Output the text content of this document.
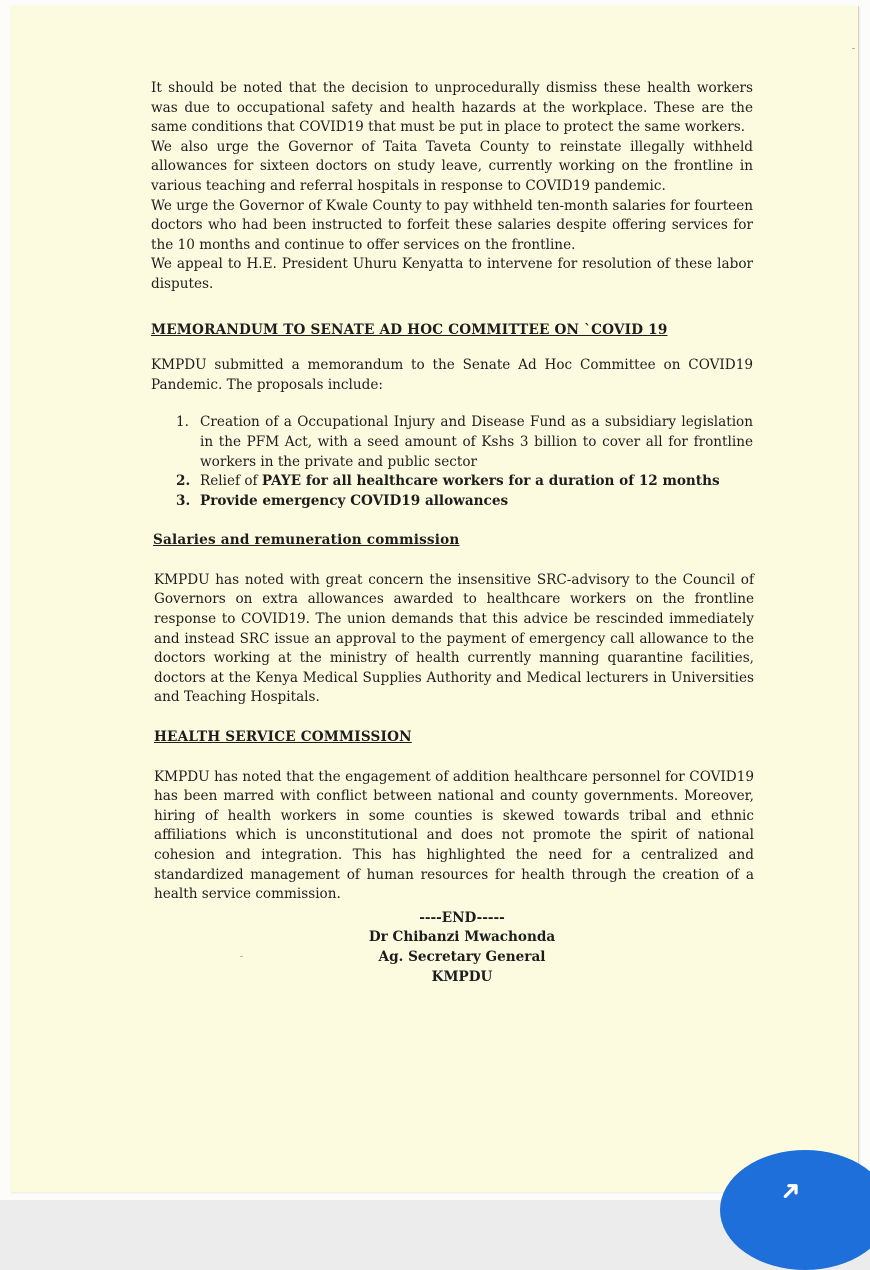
It should be noted that the decision to unprocedurally dismiss these health workers was due to occupational safety and health hazards at the workplace. These are the same conditions that COVID19 that must be put in place to protect the same workers.

We also urge the Governor of Taita Taveta County to reinstate illegally withheld allowances for sixteen doctors on study leave, currently working on the frontline in various teaching and referral hospitals in response to COVID19 pandemic.

We urge the Governor of Kwale County to pay withheld ten-month salaries for fourteen doctors who had been instructed to forfeit these salaries despite offering services for the 10 months and continue to offer services on the frontline.

We appeal to H.E. President Uhuru Kenyatta to intervene for resolution of these labor disputes.

MEMORANDUM TO SENATE AD HOC COMMITTEE ON `COVID 19

KMPDU submitted a memorandum to the Senate Ad Hoc Committee on COVID19 Pandemic. The proposals include:

1. Creation of a Occupational Injury and Disease Fund as a subsidiary legislation in the PFM Act, with a seed amount of Kshs 3 billion to cover all for frontline workers in the private and public sector
2. Relief of PAYE for all healthcare workers for a duration of 12 months
3. Provide emergency COVID19 allowances
Salaries and remuneration commission

KMPDU has noted with great concern the insensitive SRC-advisory to the Council of Governors on extra allowances awarded to healthcare workers on the frontline response to COVID19. The union demands that this advice be rescinded immediately and instead SRC issue an approval to the payment of emergency call allowance to the doctors working at the ministry of health currently manning quarantine facilities, doctors at the Kenya Medical Supplies Authority and Medical lecturers in Universities and Teaching Hospitals.

HEALTH SERVICE COMMISSION

KMPDU has noted that the engagement of addition healthcare personnel for COVID19 has been marred with conflict between national and county governments. Moreover, hiring of health workers in some counties is skewed towards tribal and ethnic affiliations which is unconstitutional and does not promote the spirit of national cohesion and integration. This has highlighted the need for a centralized and standardized management of human resources for health through the creation of a health service commission.

----END-----

Dr Chibanzi Mwachonda

Ag. Secretary General

KMPDU

➜
